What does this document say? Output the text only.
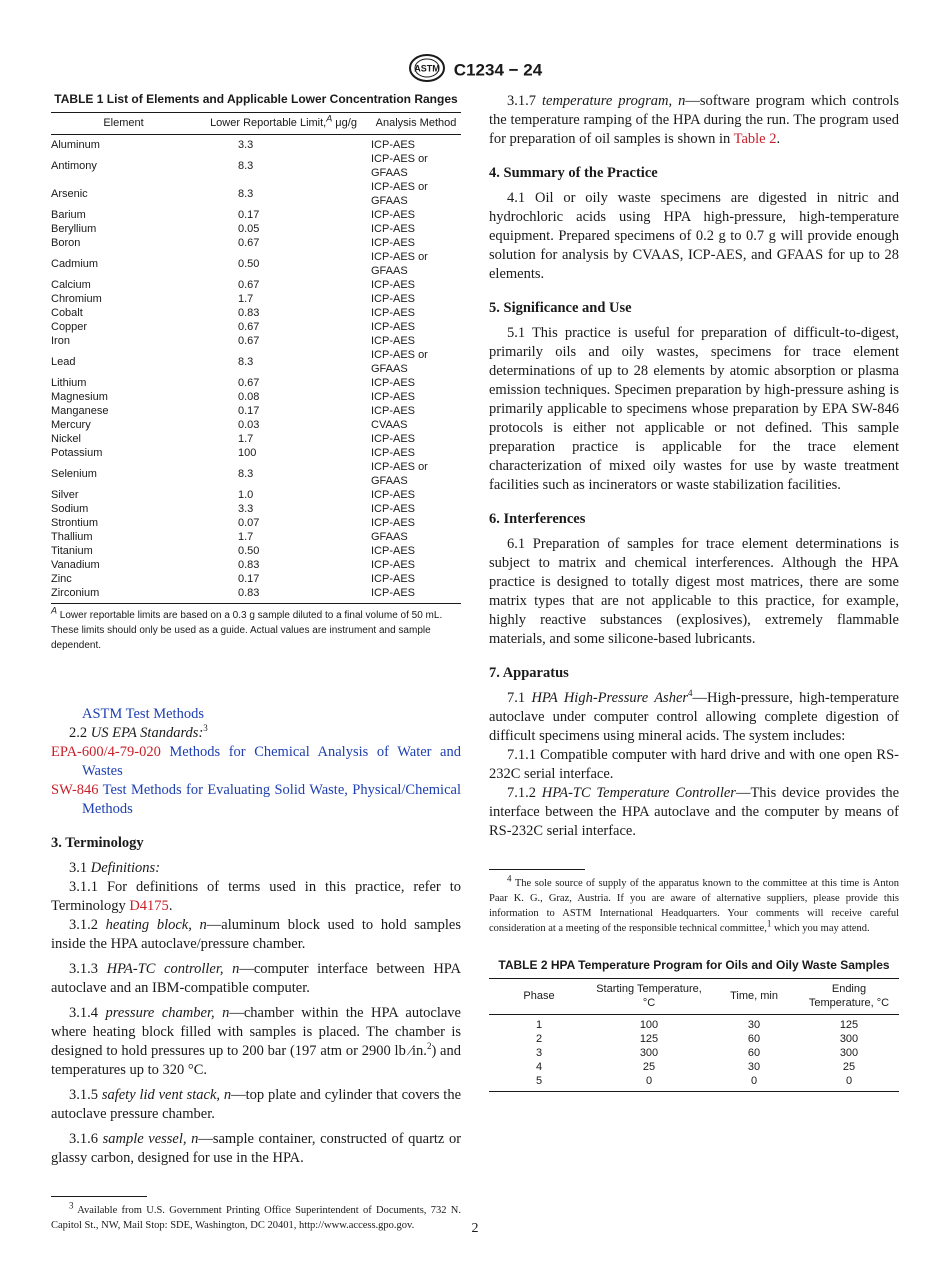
ASTM C1234 − 24

TABLE 1 List of Elements and Applicable Lower Concentration Ranges

Element	Lower Reportable Limit,$^A$ μg/g	Analysis Method
Aluminum	3.3	ICP-AES
Antimony	8.3	ICP-AES or GFAAS
Arsenic	8.3	ICP-AES or GFAAS
Barium	0.17	ICP-AES
Beryllium	0.05	ICP-AES
Boron	0.67	ICP-AES
Cadmium	0.50	ICP-AES or GFAAS
Calcium	0.67	ICP-AES
Chromium	1.7	ICP-AES
Cobalt	0.83	ICP-AES
Copper	0.67	ICP-AES
Iron	0.67	ICP-AES
Lead	8.3	ICP-AES or GFAAS
Lithium	0.67	ICP-AES
Magnesium	0.08	ICP-AES
Manganese	0.17	ICP-AES
Mercury	0.03	CVAAS
Nickel	1.7	ICP-AES
Potassium	100	ICP-AES
Selenium	8.3	ICP-AES or GFAAS
Silver	1.0	ICP-AES
Sodium	3.3	ICP-AES
Strontium	0.07	ICP-AES
Thallium	1.7	GFAAS
Titanium	0.50	ICP-AES
Vanadium	0.83	ICP-AES
Zinc	0.17	ICP-AES
Zirconium	0.83	ICP-AES
$^A$ Lower reportable limits are based on a 0.3 g sample diluted to a final volume of 50 mL. These limits should only be used as a guide. Actual values are instrument and sample dependent.

ASTM Test Methods

2.2 US EPA Standards:$^3$

EPA-600/4-79-020 Methods for Chemical Analysis of Water and Wastes

SW-846 Test Methods for Evaluating Solid Waste, Physical/Chemical Methods

3. Terminology

3.1 Definitions:

3.1.1 For definitions of terms used in this practice, refer to Terminology D4175.

3.1.2 heating block, n—aluminum block used to hold samples inside the HPA autoclave/pressure chamber.

3.1.3 HPA-TC controller, n—computer interface between HPA autoclave and an IBM-compatible computer.

3.1.4 pressure chamber, n—chamber within the HPA autoclave where heating block filled with samples is placed. The chamber is designed to hold pressures up to 200 bar (197 atm or 2900 lb ⁄in.$^2$) and temperatures up to 320 °C.

3.1.5 safety lid vent stack, n—top plate and cylinder that covers the autoclave pressure chamber.

3.1.6 sample vessel, n—sample container, constructed of quartz or glassy carbon, designed for use in the HPA.

$^3$ Available from U.S. Government Printing Office Superintendent of Documents, 732 N. Capitol St., NW, Mail Stop: SDE, Washington, DC 20401, http://www.access.gpo.gov.

3.1.7 temperature program, n—software program which controls the temperature ramping of the HPA during the run. The program used for preparation of oil samples is shown in Table 2.

4. Summary of the Practice

4.1 Oil or oily waste specimens are digested in nitric and hydrochloric acids using HPA high-pressure, high-temperature equipment. Prepared specimens of 0.2 g to 0.7 g will provide enough solution for analysis by CVAAS, ICP-AES, and GFAAS for up to 28 elements.

5. Significance and Use

5.1 This practice is useful for preparation of difficult-to-digest, primarily oils and oily wastes, specimens for trace element determinations of up to 28 elements by atomic absorption or plasma emission techniques. Specimen preparation by high-pressure ashing is primarily applicable to specimens whose preparation by EPA SW-846 protocols is either not applicable or not defined. This sample preparation practice is applicable for the trace element characterization of mixed oily wastes for use by waste treatment facilities such as incinerators or waste stabilization facilities.

6. Interferences

6.1 Preparation of samples for trace element determinations is subject to matrix and chemical interferences. Although the HPA practice is designed to totally digest most matrices, there are some matrix types that are not applicable to this practice, for example, highly reactive substances (explosives), extremely flammable materials, and some silicone-based lubricants.

7. Apparatus

7.1 HPA High-Pressure Asher$^4$—High-pressure, high-temperature autoclave under computer control allowing complete digestion of difficult specimens using mineral acids. The system includes:

7.1.1 Compatible computer with hard drive and with one open RS-232C serial interface.

7.1.2 HPA-TC Temperature Controller—This device provides the interface between the HPA autoclave and the computer by means of RS-232C serial interface.

$^4$ The sole source of supply of the apparatus known to the committee at this time is Anton Paar K. G., Graz, Austria. If you are aware of alternative suppliers, please provide this information to ASTM International Headquarters. Your comments will receive careful consideration at a meeting of the responsible technical committee,$^1$ which you may attend.

TABLE 2 HPA Temperature Program for Oils and Oily Waste Samples

Phase	Starting Temperature, °C	Time, min	Ending Temperature, °C
1	100	30	125
2	125	60	300
3	300	60	300
4	25	30	25
5	0	0	0
2
